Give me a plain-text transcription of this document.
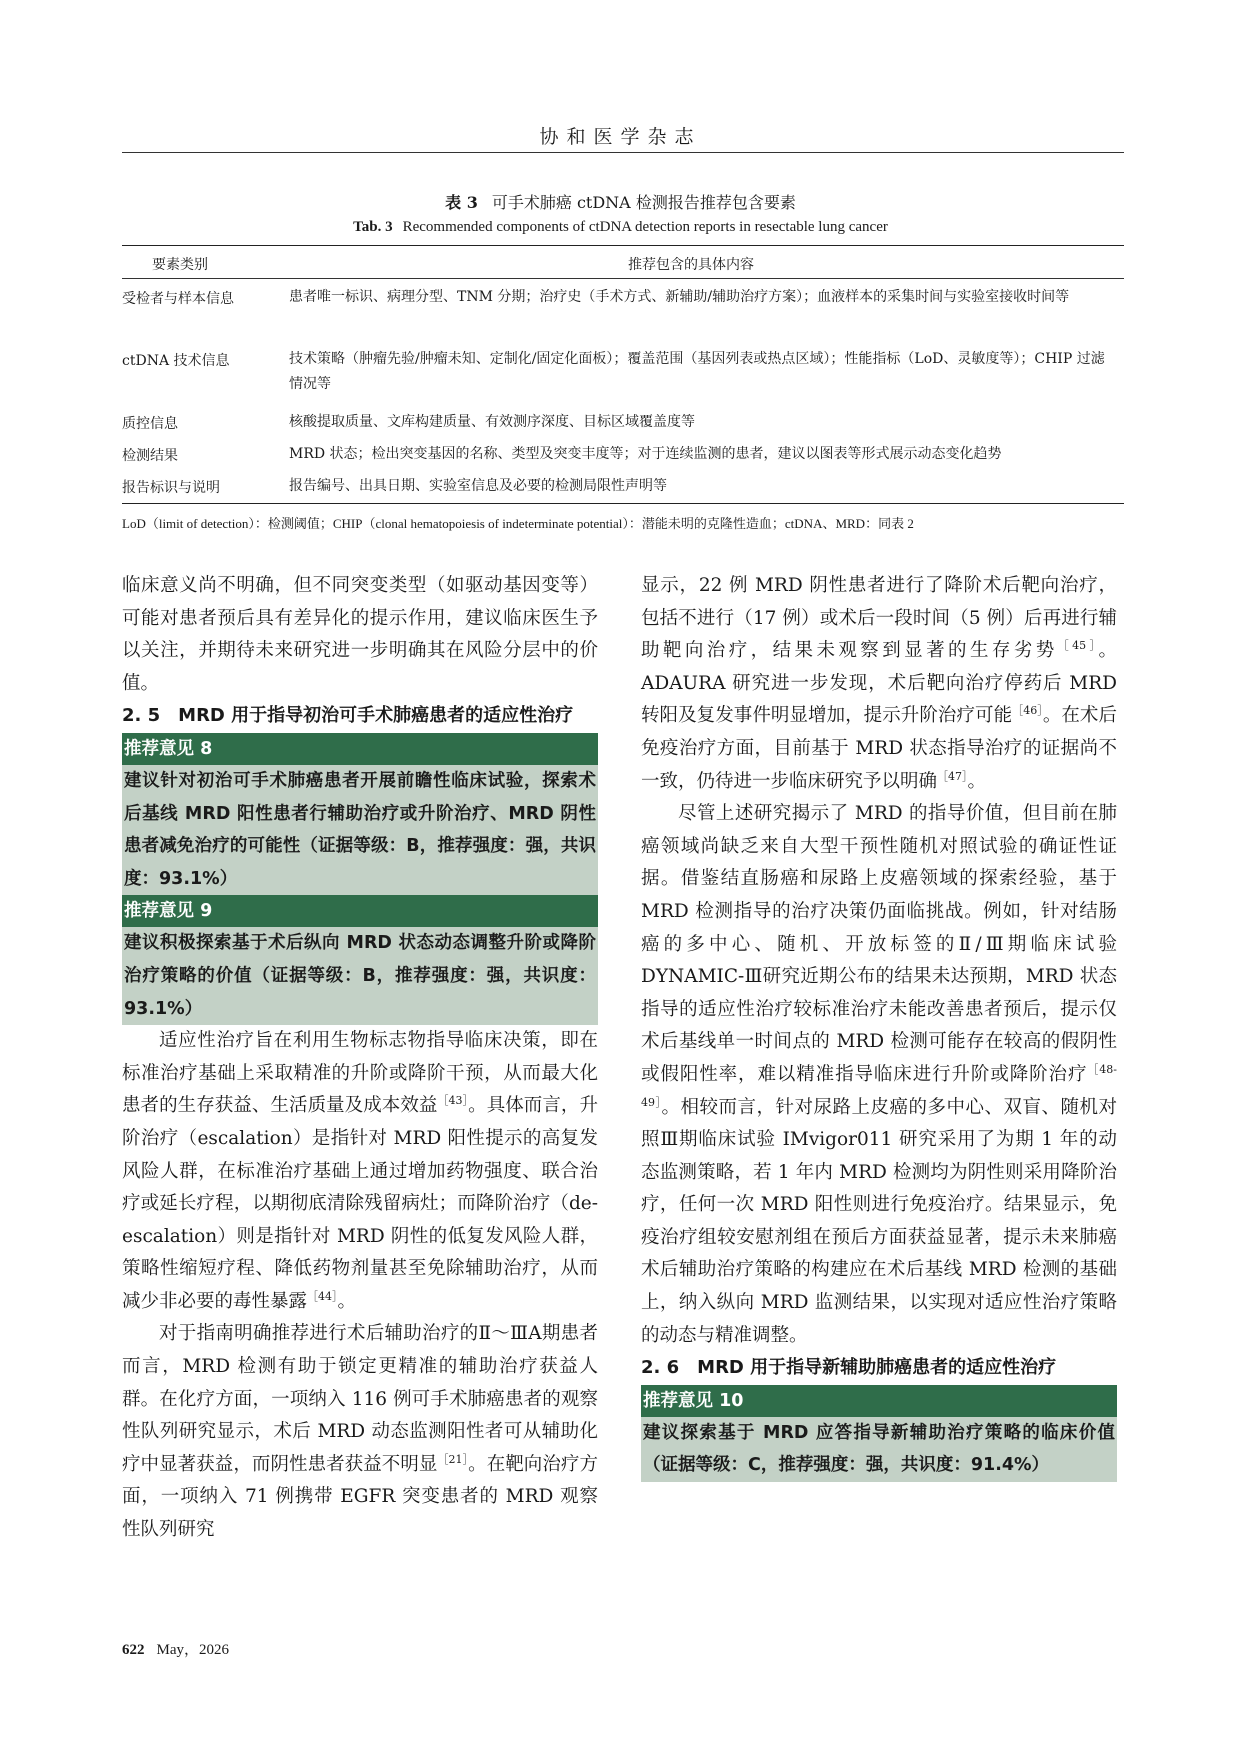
协和医学杂志
表 3 可手术肺癌 ctDNA 检测报告推荐包含要素
Tab. 3 Recommended components of ctDNA detection reports in resectable lung cancer
要素类别	推荐包含的具体内容
受检者与样本信息	患者唯一标识、病理分型、TNM 分期；治疗史（手术方式、新辅助/辅助治疗方案）；血液样本的采集时间与实验室接收时间等
ctDNA 技术信息	技术策略（肿瘤先验/肿瘤未知、定制化/固定化面板）；覆盖范围（基因列表或热点区域）；性能指标（LoD、灵敏度等）；CHIP 过滤情况等
质控信息	核酸提取质量、文库构建质量、有效测序深度、目标区域覆盖度等
检测结果	MRD 状态；检出突变基因的名称、类型及突变丰度等；对于连续监测的患者，建议以图表等形式展示动态变化趋势
报告标识与说明	报告编号、出具日期、实验室信息及必要的检测局限性声明等
LoD（limit of detection）：检测阈值；CHIP（clonal hematopoiesis of indeterminate potential）：潜能未明的克隆性造血；ctDNA、MRD：同表 2

临床意义尚不明确，但不同突变类型（如驱动基因变等）可能对患者预后具有差异化的提示作用，建议临床医生予以关注，并期待未来研究进一步明确其在风险分层中的价值。

2. 5　MRD 用于指导初治可手术肺癌患者的适应性治疗
推荐意见 8
建议针对初治可手术肺癌患者开展前瞻性临床试验，探索术后基线 MRD 阳性患者行辅助治疗或升阶治疗、MRD 阴性患者减免治疗的可能性（证据等级：B，推荐强度：强，共识度：93.1%）
推荐意见 9
建议积极探索基于术后纵向 MRD 状态动态调整升阶或降阶治疗策略的价值（证据等级：B，推荐强度：强，共识度：93.1%）

适应性治疗旨在利用生物标志物指导临床决策，即在标准治疗基础上采取精准的升阶或降阶干预，从而最大化患者的生存获益、生活质量及成本效益$^{[43]}$。具体而言，升阶治疗（escalation）是指针对 MRD 阳性提示的高复发风险人群，在标准治疗基础上通过增加药物强度、联合治疗或延长疗程，以期彻底清除残留病灶；而降阶治疗（de-escalation）则是指针对 MRD 阴性的低复发风险人群，策略性缩短疗程、降低药物剂量甚至免除辅助治疗，从而减少非必要的毒性暴露$^{[44]}$。

对于指南明确推荐进行术后辅助治疗的Ⅱ～ⅢA期患者而言，MRD 检测有助于锁定更精准的辅助治疗获益人群。在化疗方面，一项纳入 116 例可手术肺癌患者的观察性队列研究显示，术后 MRD 动态监测阳性者可从辅助化疗中显著获益，而阴性患者获益不明显$^{[21]}$。在靶向治疗方面，一项纳入 71 例携带 EGFR 突变患者的 MRD 观察性队列研究

显示，22 例 MRD 阴性患者进行了降阶术后靶向治疗，包括不进行（17 例）或术后一段时间（5 例）后再进行辅助靶向治疗，结果未观察到显著的生存劣势$^{[45]}$。ADAURA 研究进一步发现，术后靶向治疗停药后 MRD 转阳及复发事件明显增加，提示升阶治疗可能$^{[46]}$。在术后免疫治疗方面，目前基于 MRD 状态指导治疗的证据尚不一致，仍待进一步临床研究予以明确$^{[47]}$。

尽管上述研究揭示了 MRD 的指导价值，但目前在肺癌领域尚缺乏来自大型干预性随机对照试验的确证性证据。借鉴结直肠癌和尿路上皮癌领域的探索经验，基于 MRD 检测指导的治疗决策仍面临挑战。例如，针对结肠癌的多中心、随机、开放标签的Ⅱ/Ⅲ期临床试验 DYNAMIC-Ⅲ研究近期公布的结果未达预期，MRD 状态指导的适应性治疗较标准治疗未能改善患者预后，提示仅术后基线单一时间点的 MRD 检测可能存在较高的假阴性或假阳性率，难以精准指导临床进行升阶或降阶治疗$^{[48-49]}$。相较而言，针对尿路上皮癌的多中心、双盲、随机对照Ⅲ期临床试验 IMvigor011 研究采用了为期 1 年的动态监测策略，若 1 年内 MRD 检测均为阴性则采用降阶治疗，任何一次 MRD 阳性则进行免疫治疗。结果显示，免疫治疗组较安慰剂组在预后方面获益显著，提示未来肺癌术后辅助治疗策略的构建应在术后基线 MRD 检测的基础上，纳入纵向 MRD 监测结果，以实现对适应性治疗策略的动态与精准调整。

2. 6　MRD 用于指导新辅助肺癌患者的适应性治疗
推荐意见 10
建议探索基于 MRD 应答指导新辅助治疗策略的临床价值（证据等级：C，推荐强度：强，共识度：91.4%）
622 May，2026
